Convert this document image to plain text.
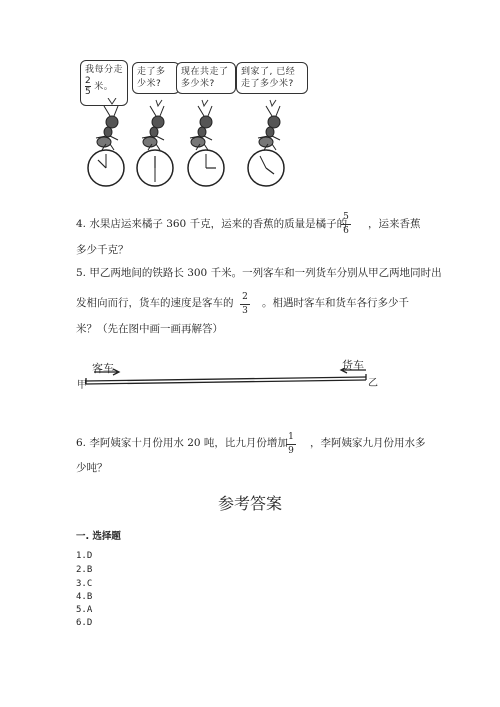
我每分走
2
5
米。
走了多
少米?
现在共走了
多少米?
到家了, 已经
走了多少米?
4. 水果店运来橘子 360 千克，运来的香蕉的质量是橘子的
5
6
，运来香蕉
多少千克？
5. 甲乙两地间的铁路长 300 千米。一列客车和一列货车分别从甲乙两地同时出
发相向而行，货车的速度是客车的 2
3
。相遇时客车和货车各行多少千
米？（先在图中画一画再解答）
客车	货车
甲	乙
6. 李阿姨家十月份用水 20 吨，比九月份增加 1
9
，李阿姨家九月份用水多
少吨？
参考答案
一. 选择题
1.D
2.B
3.C
4.B
5.A
6.D
